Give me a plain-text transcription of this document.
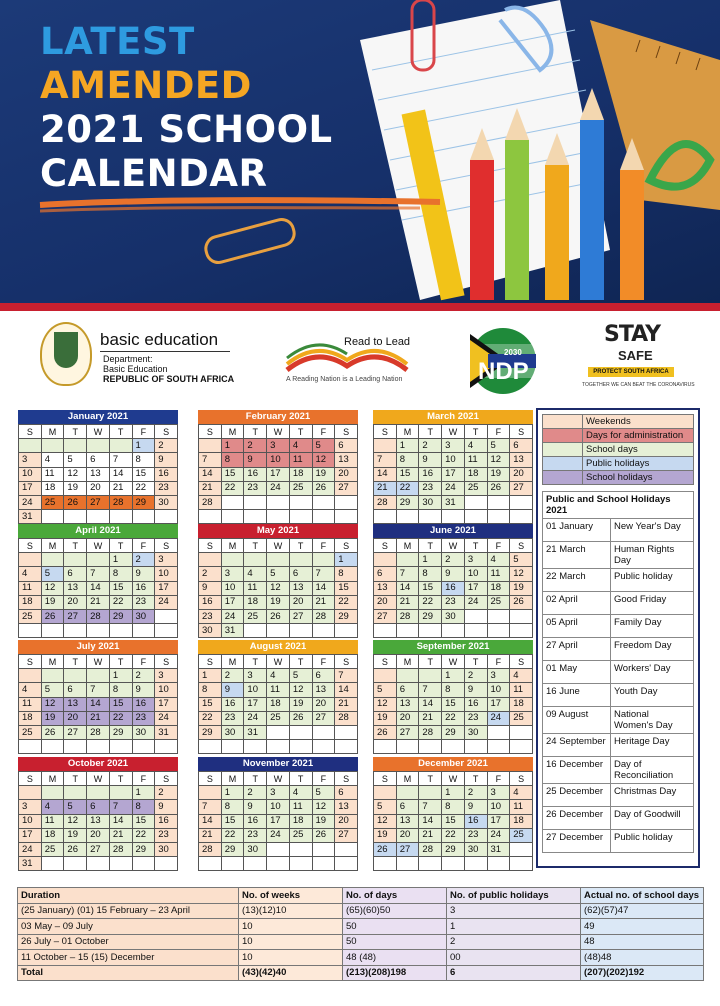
LATEST
AMENDED
2021 SCHOOL
CALENDAR
basic education
Department:
Basic Education
REPUBLIC OF SOUTH AFRICA
Read to Lead
A Reading Nation is a Leading Nation
2030
NDP
STAY
SAFE
PROTECT SOUTH AFRICA
TOGETHER WE CAN BEAT THE CORONAVIRUS
January 2021
S	M	T	W	T	F	S
					1	2
3	4	5	6	7	8	9
10	11	12	13	14	15	16
17	18	19	20	21	22	23
24	25	26	27	28	29	30
31						
February 2021
S	M	T	W	T	F	S
	1	2	3	4	5	6
7	8	9	10	11	12	13
14	15	16	17	18	19	20
21	22	23	24	25	26	27
28						

March 2021
S	M	T	W	T	F	S
	1	2	3	4	5	6
7	8	9	10	11	12	13
14	15	16	17	18	19	20
21	22	23	24	25	26	27
28	29	30	31			

April 2021
S	M	T	W	T	F	S
				1	2	3
4	5	6	7	8	9	10
11	12	13	14	15	16	17
18	19	20	21	22	23	24
25	26	27	28	29	30	

May 2021
S	M	T	W	T	F	S
						1
2	3	4	5	6	7	8
9	10	11	12	13	14	15
16	17	18	19	20	21	22
23	24	25	26	27	28	29
30	31					
June 2021
S	M	T	W	T	F	S
		1	2	3	4	5
6	7	8	9	10	11	12
13	14	15	16	17	18	19
20	21	22	23	24	25	26
27	28	29	30			

July 2021
S	M	T	W	T	F	S
				1	2	3
4	5	6	7	8	9	10
11	12	13	14	15	16	17
18	19	20	21	22	23	24
25	26	27	28	29	30	31

August 2021
S	M	T	W	T	F	S
1	2	3	4	5	6	7
8	9	10	11	12	13	14
15	16	17	18	19	20	21
22	23	24	25	26	27	28
29	30	31				

September 2021
S	M	T	W	T	F	S
			1	2	3	4
5	6	7	8	9	10	11
12	13	14	15	16	17	18
19	20	21	22	23	24	25
26	27	28	29	30		

October 2021
S	M	T	W	T	F	S
					1	2
3	4	5	6	7	8	9
10	11	12	13	14	15	16
17	18	19	20	21	22	23
24	25	26	27	28	29	30
31						
November 2021
S	M	T	W	T	F	S
	1	2	3	4	5	6
7	8	9	10	11	12	13
14	15	16	17	18	19	20
21	22	23	24	25	26	27
28	29	30				

December 2021
S	M	T	W	T	F	S
			1	2	3	4
5	6	7	8	9	10	11
12	13	14	15	16	17	18
19	20	21	22	23	24	25
26	27	28	29	30	31	

	Weekends
	Days for administration
	School days
	Public holidays
	School holidays
Public and School Holidays 2021
01 January	New Year's Day
21 March	Human Rights Day
22 March	Public holiday
02 April	Good Friday
05 April	Family Day
27 April	Freedom Day
01 May	Workers' Day
16 June	Youth Day
09 August	National Women's Day
24 September	Heritage Day
16 December	Day of Reconciliation
25 December	Christmas Day
26 December	Day of Goodwill
27 December	Public holiday
Duration	No. of weeks	No. of days	No. of public holidays	Actual no. of school days
(25 January) (01) 15 February – 23 April	(13)(12)10	(65)(60)50	3	(62)(57)47
03 May – 09 July	10	50	1	49
26 July – 01 October	10	50	2	48
11 October – 15 (15) December	10	48 (48)	00	(48)48
Total	(43)(42)40	(213)(208)198	6	(207)(202)192
